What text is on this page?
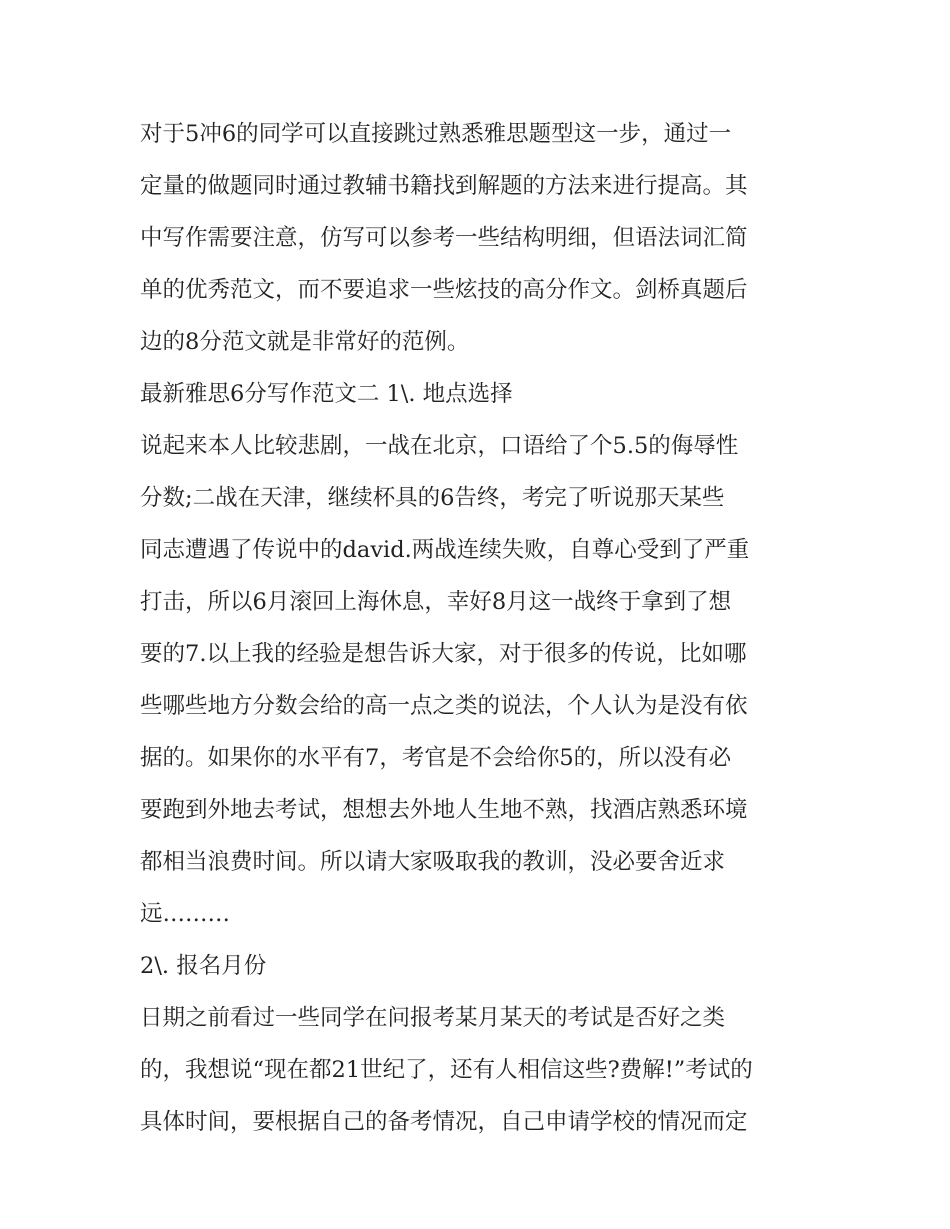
对于5冲6的同学可以直接跳过熟悉雅思题型这一步，通过一
定量的做题同时通过教辅书籍找到解题的方法来进行提高。其
中写作需要注意，仿写可以参考一些结构明细，但语法词汇简
单的优秀范文，而不要追求一些炫技的高分作文。剑桥真题后
边的8分范文就是非常好的范例。
最新雅思6分写作范文二 1\. 地点选择
说起来本人比较悲剧，一战在北京，口语给了个5.5的侮辱性
分数;二战在天津，继续杯具的6告终，考完了听说那天某些
同志遭遇了传说中的david.两战连续失败，自尊心受到了严重
打击，所以6月滚回上海休息，幸好8月这一战终于拿到了想
要的7.以上我的经验是想告诉大家，对于很多的传说，比如哪
些哪些地方分数会给的高一点之类的说法，个人认为是没有依
据的。如果你的水平有7，考官是不会给你5的，所以没有必
要跑到外地去考试，想想去外地人生地不熟，找酒店熟悉环境
都相当浪费时间。所以请大家吸取我的教训，没必要舍近求
远………
2\. 报名月份
日期之前看过一些同学在问报考某月某天的考试是否好之类
的，我想说“现在都21世纪了，还有人相信这些?费解!”考试的
具体时间，要根据自己的备考情况，自己申请学校的情况而定
